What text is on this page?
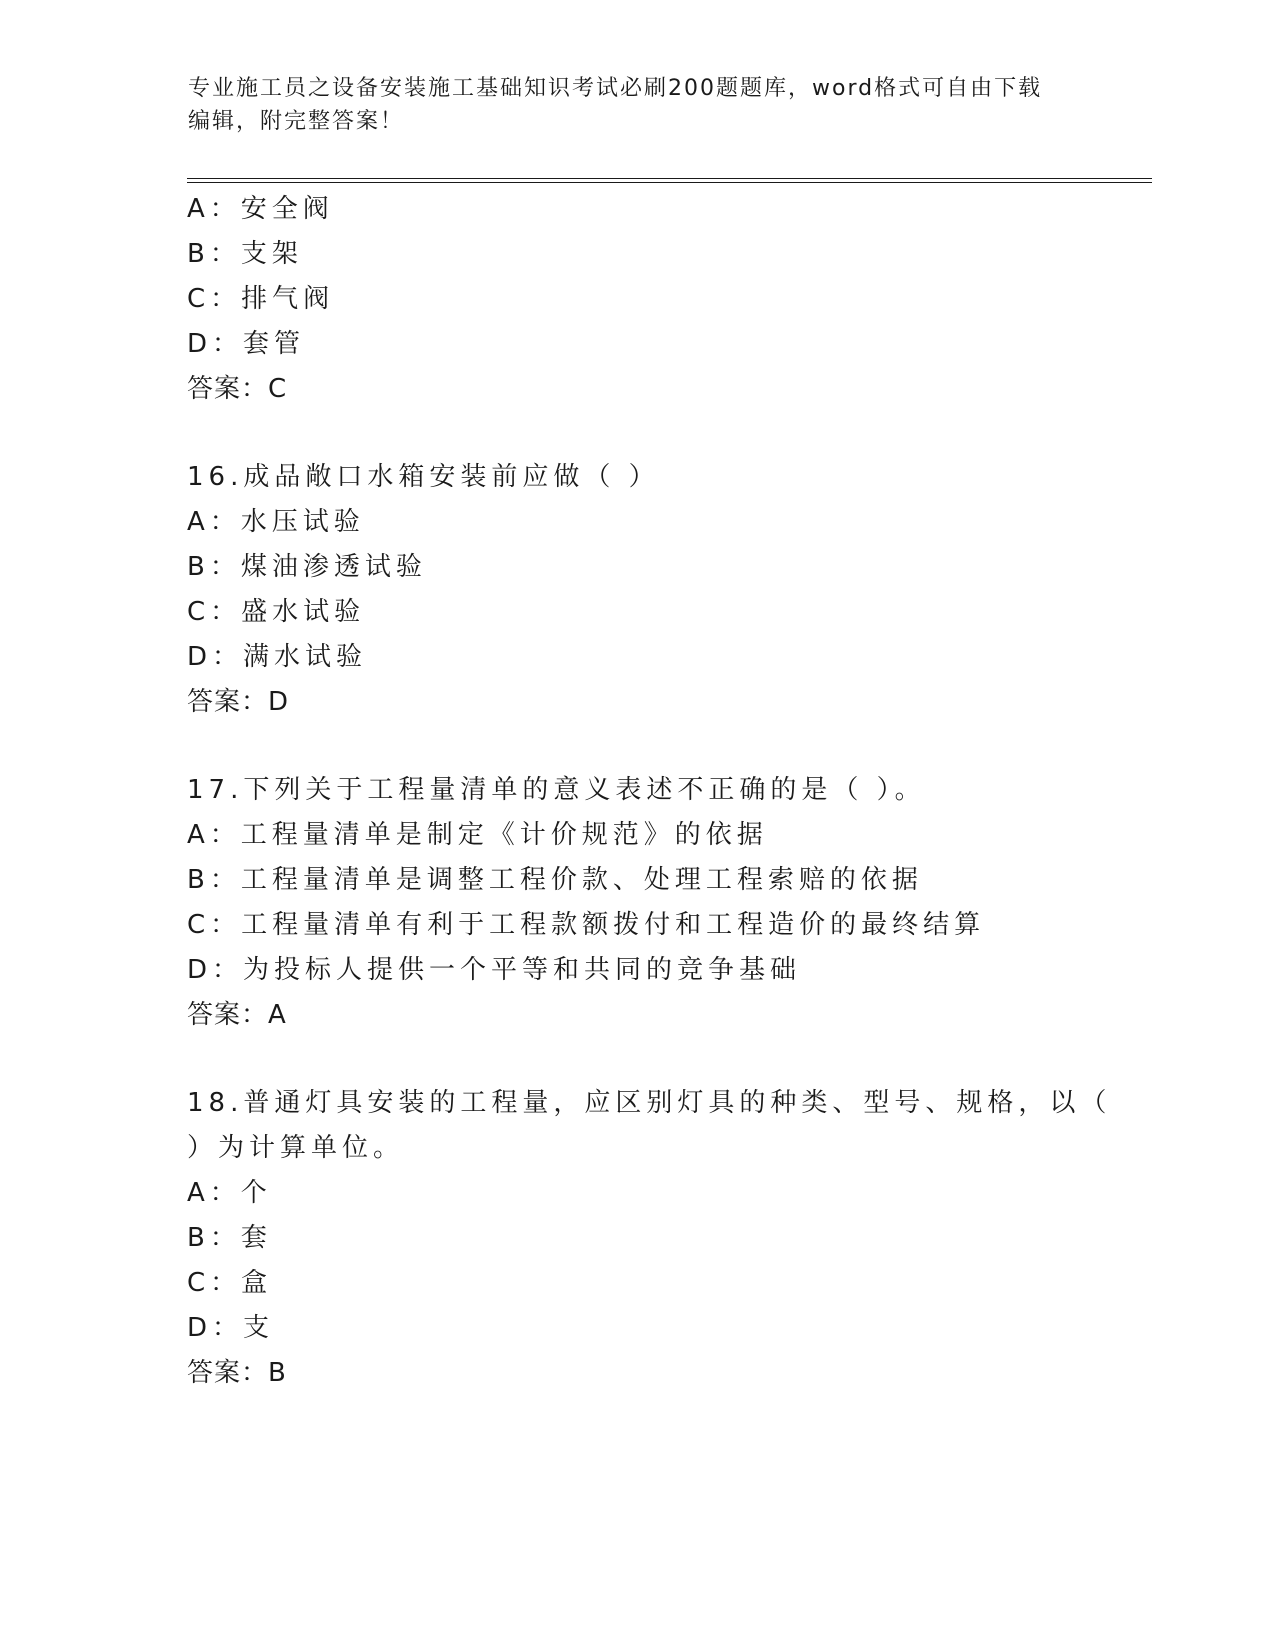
专业施工员之设备安装施工基础知识考试必刷200题题库，word格式可自由下载
编辑，附完整答案！
A：安全阀
B：支架
C：排气阀
D：套管
答案：C
16.成品敞口水箱安装前应做（ ）
A：水压试验
B：煤油渗透试验
C：盛水试验
D：满水试验
答案：D
17.下列关于工程量清单的意义表述不正确的是（ ）。
A：工程量清单是制定《计价规范》的依据
B：工程量清单是调整工程价款、处理工程索赔的依据
C：工程量清单有利于工程款额拨付和工程造价的最终结算
D：为投标人提供一个平等和共同的竞争基础
答案：A
18.普通灯具安装的工程量，应区别灯具的种类、型号、规格，以（
）为计算单位。
A：个
B：套
C：盒
D：支
答案：B
